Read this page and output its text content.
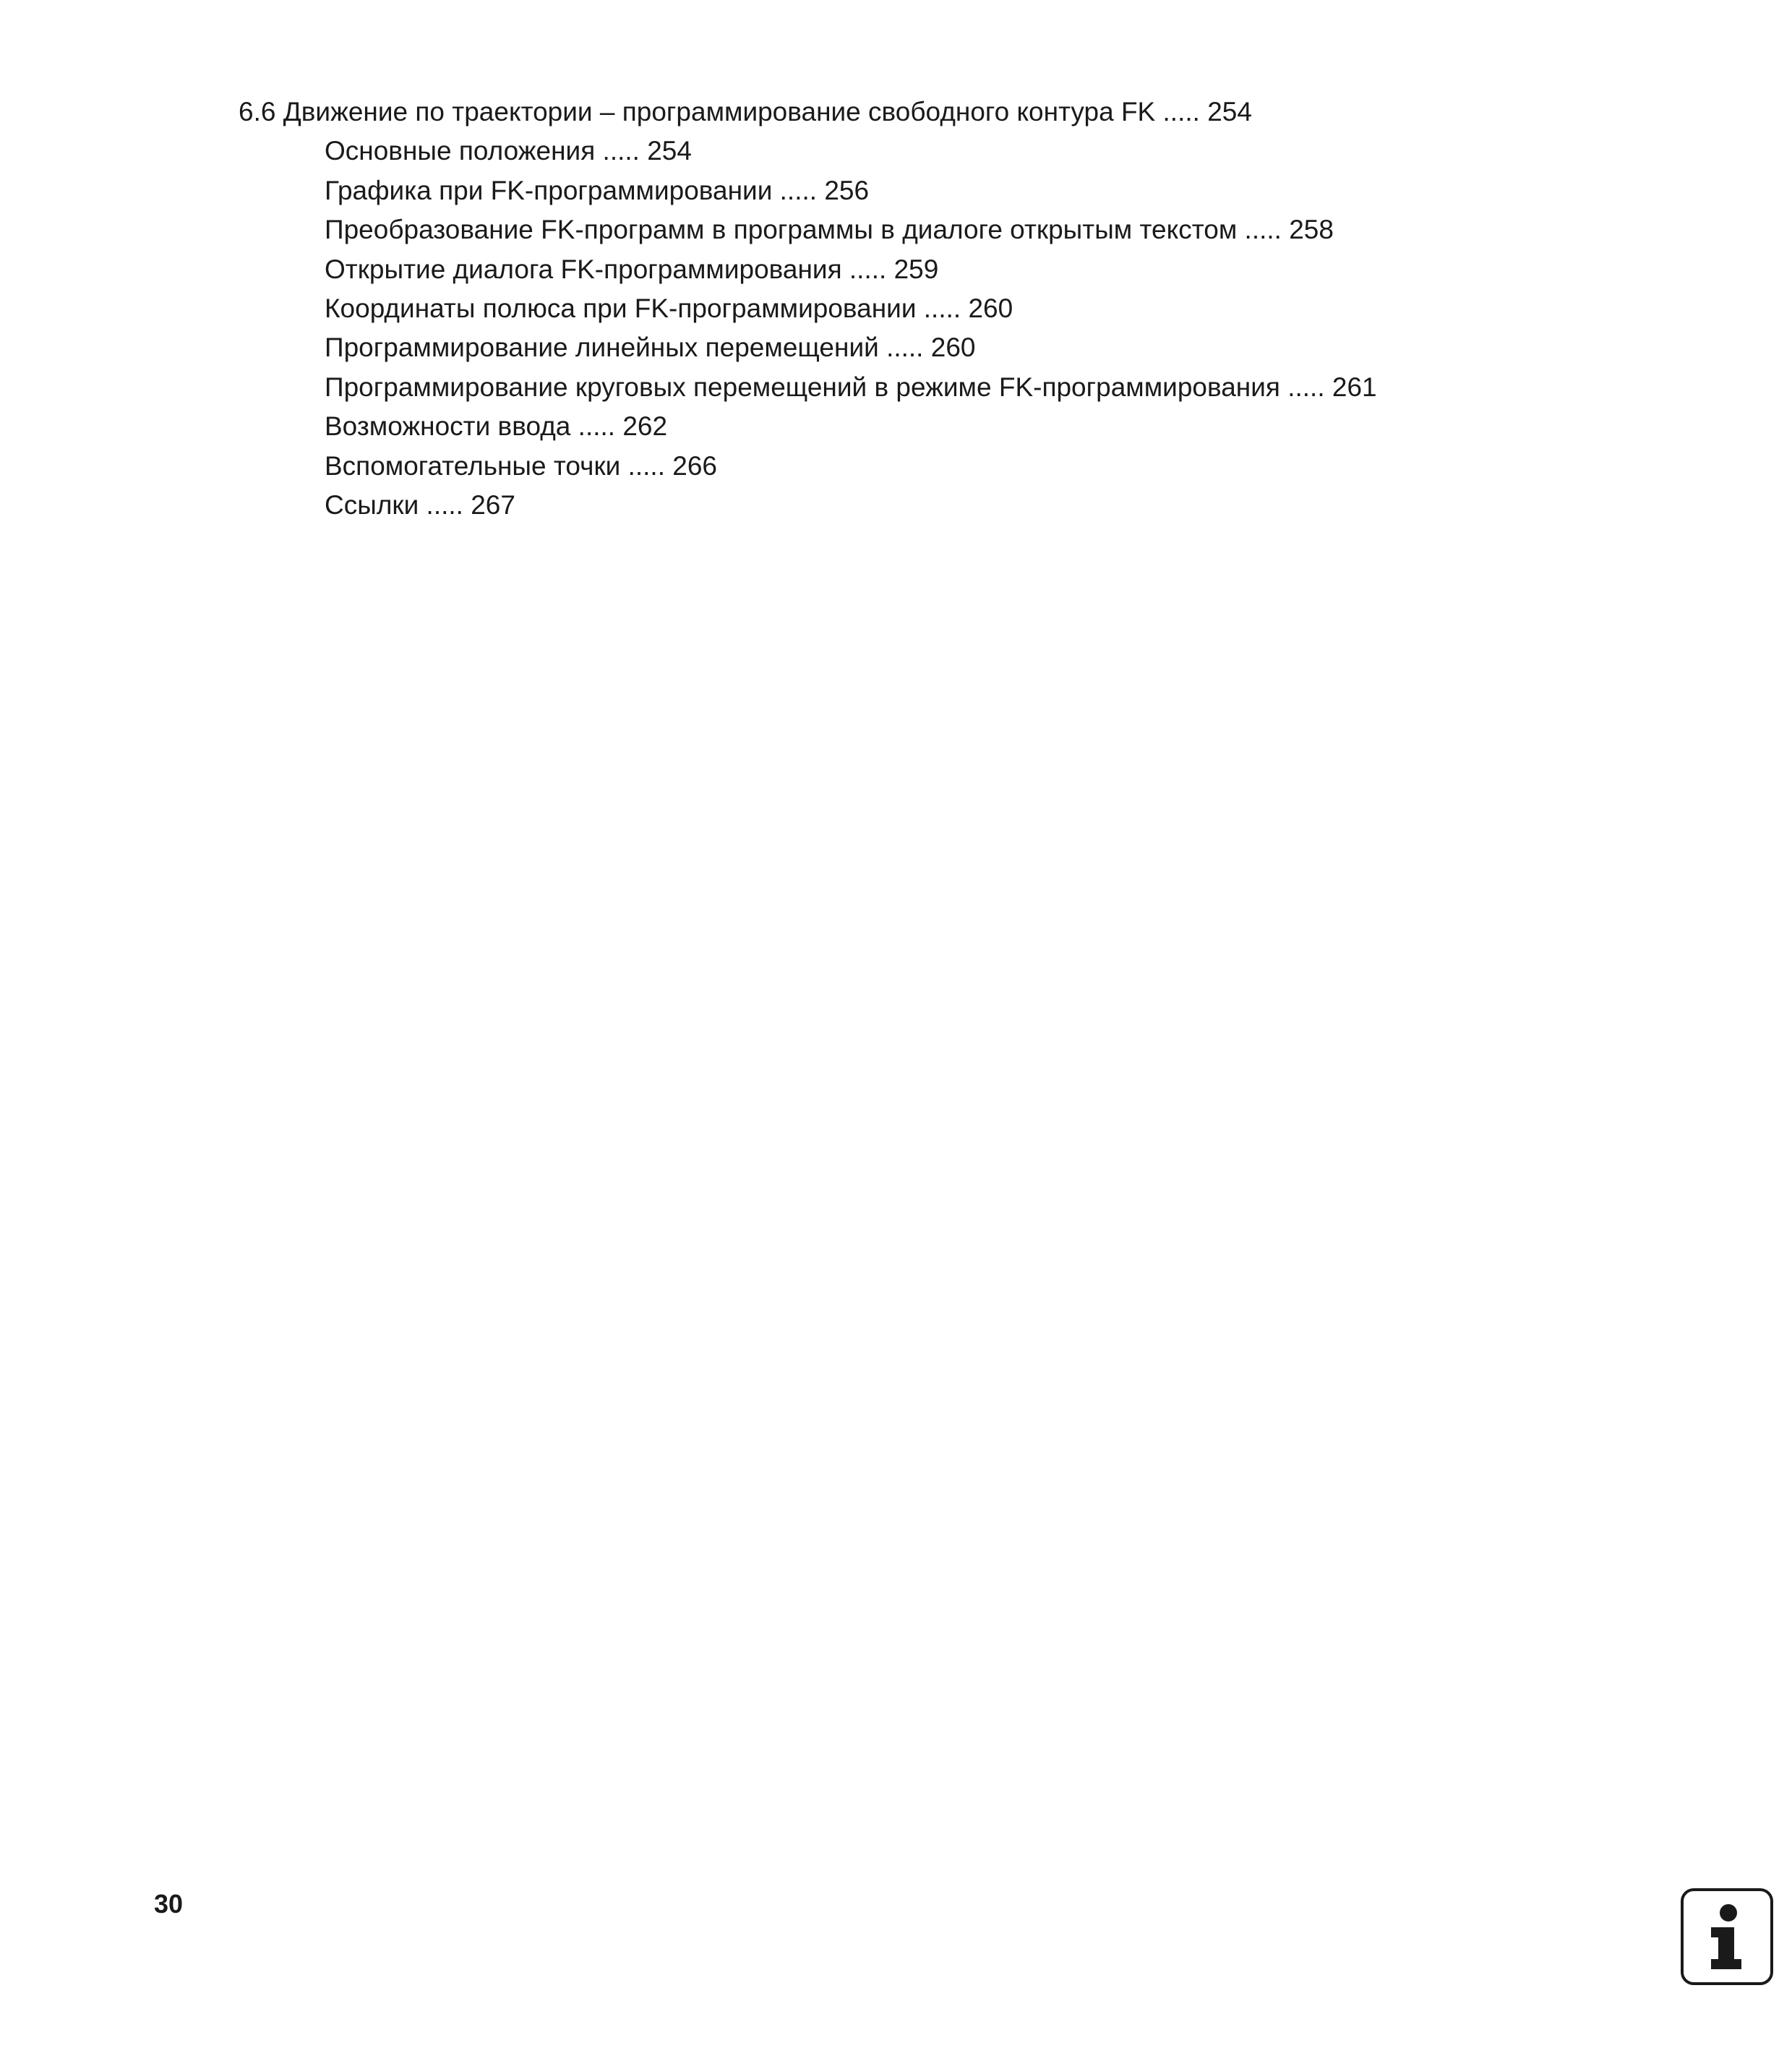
6.6 Движение по траектории – программирование свободного контура FK ..... 254
Основные положения ..... 254
Графика при FK-программировании ..... 256
Преобразование FK-программ в программы в диалоге открытым текстом ..... 258
Открытие диалога FK-программирования ..... 259
Координаты полюса при FK-программировании ..... 260
Программирование линейных перемещений ..... 260
Программирование круговых перемещений в режиме FK-программирования ..... 261
Возможности ввода ..... 262
Вспомогательные точки ..... 266
Ссылки ..... 267
30
